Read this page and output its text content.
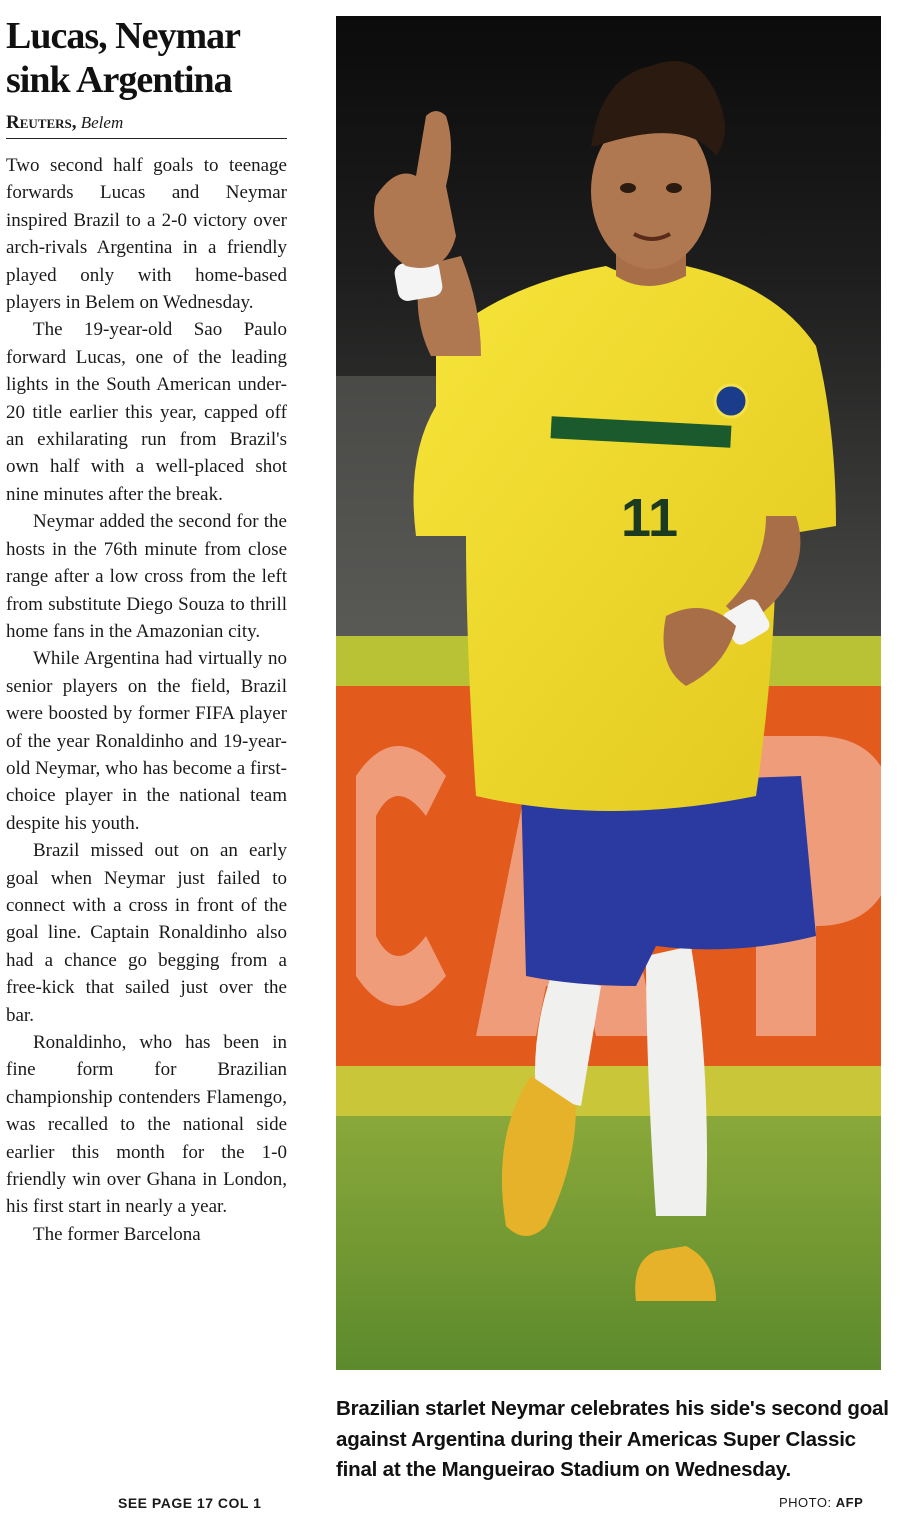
Lucas, Neymar sink Argentina
Reuters, Belem

Two second half goals to teenage forwards Lucas and Neymar inspired Brazil to a 2-0 victory over arch-rivals Argentina in a friendly played only with home-based players in Belem on Wednesday.

The 19-year-old Sao Paulo forward Lucas, one of the leading lights in the South American under-20 title earlier this year, capped off an exhilarating run from Brazil's own half with a well-placed shot nine minutes after the break.

Neymar added the second for the hosts in the 76th minute from close range after a low cross from the left from substitute Diego Souza to thrill home fans in the Amazonian city.

While Argentina had virtually no senior players on the field, Brazil were boosted by former FIFA player of the year Ronaldinho and 19-year-old Neymar, who has become a first-choice player in the national team despite his youth.

Brazil missed out on an early goal when Neymar just failed to connect with a cross in front of the goal line. Captain Ronaldinho also had a chance go begging from a free-kick that sailed just over the bar.

Ronaldinho, who has been in fine form for Brazilian championship contenders Flamengo, was recalled to the national side earlier this month for the 1-0 friendly win over Ghana in London, his first start in nearly a year.

The former Barcelona

SEE PAGE 17 COL 1
11
Brazilian starlet Neymar celebrates his side's second goal against Argentina during their Americas Super Classic final at the Mangueirao Stadium on Wednesday.
PHOTO: AFP
